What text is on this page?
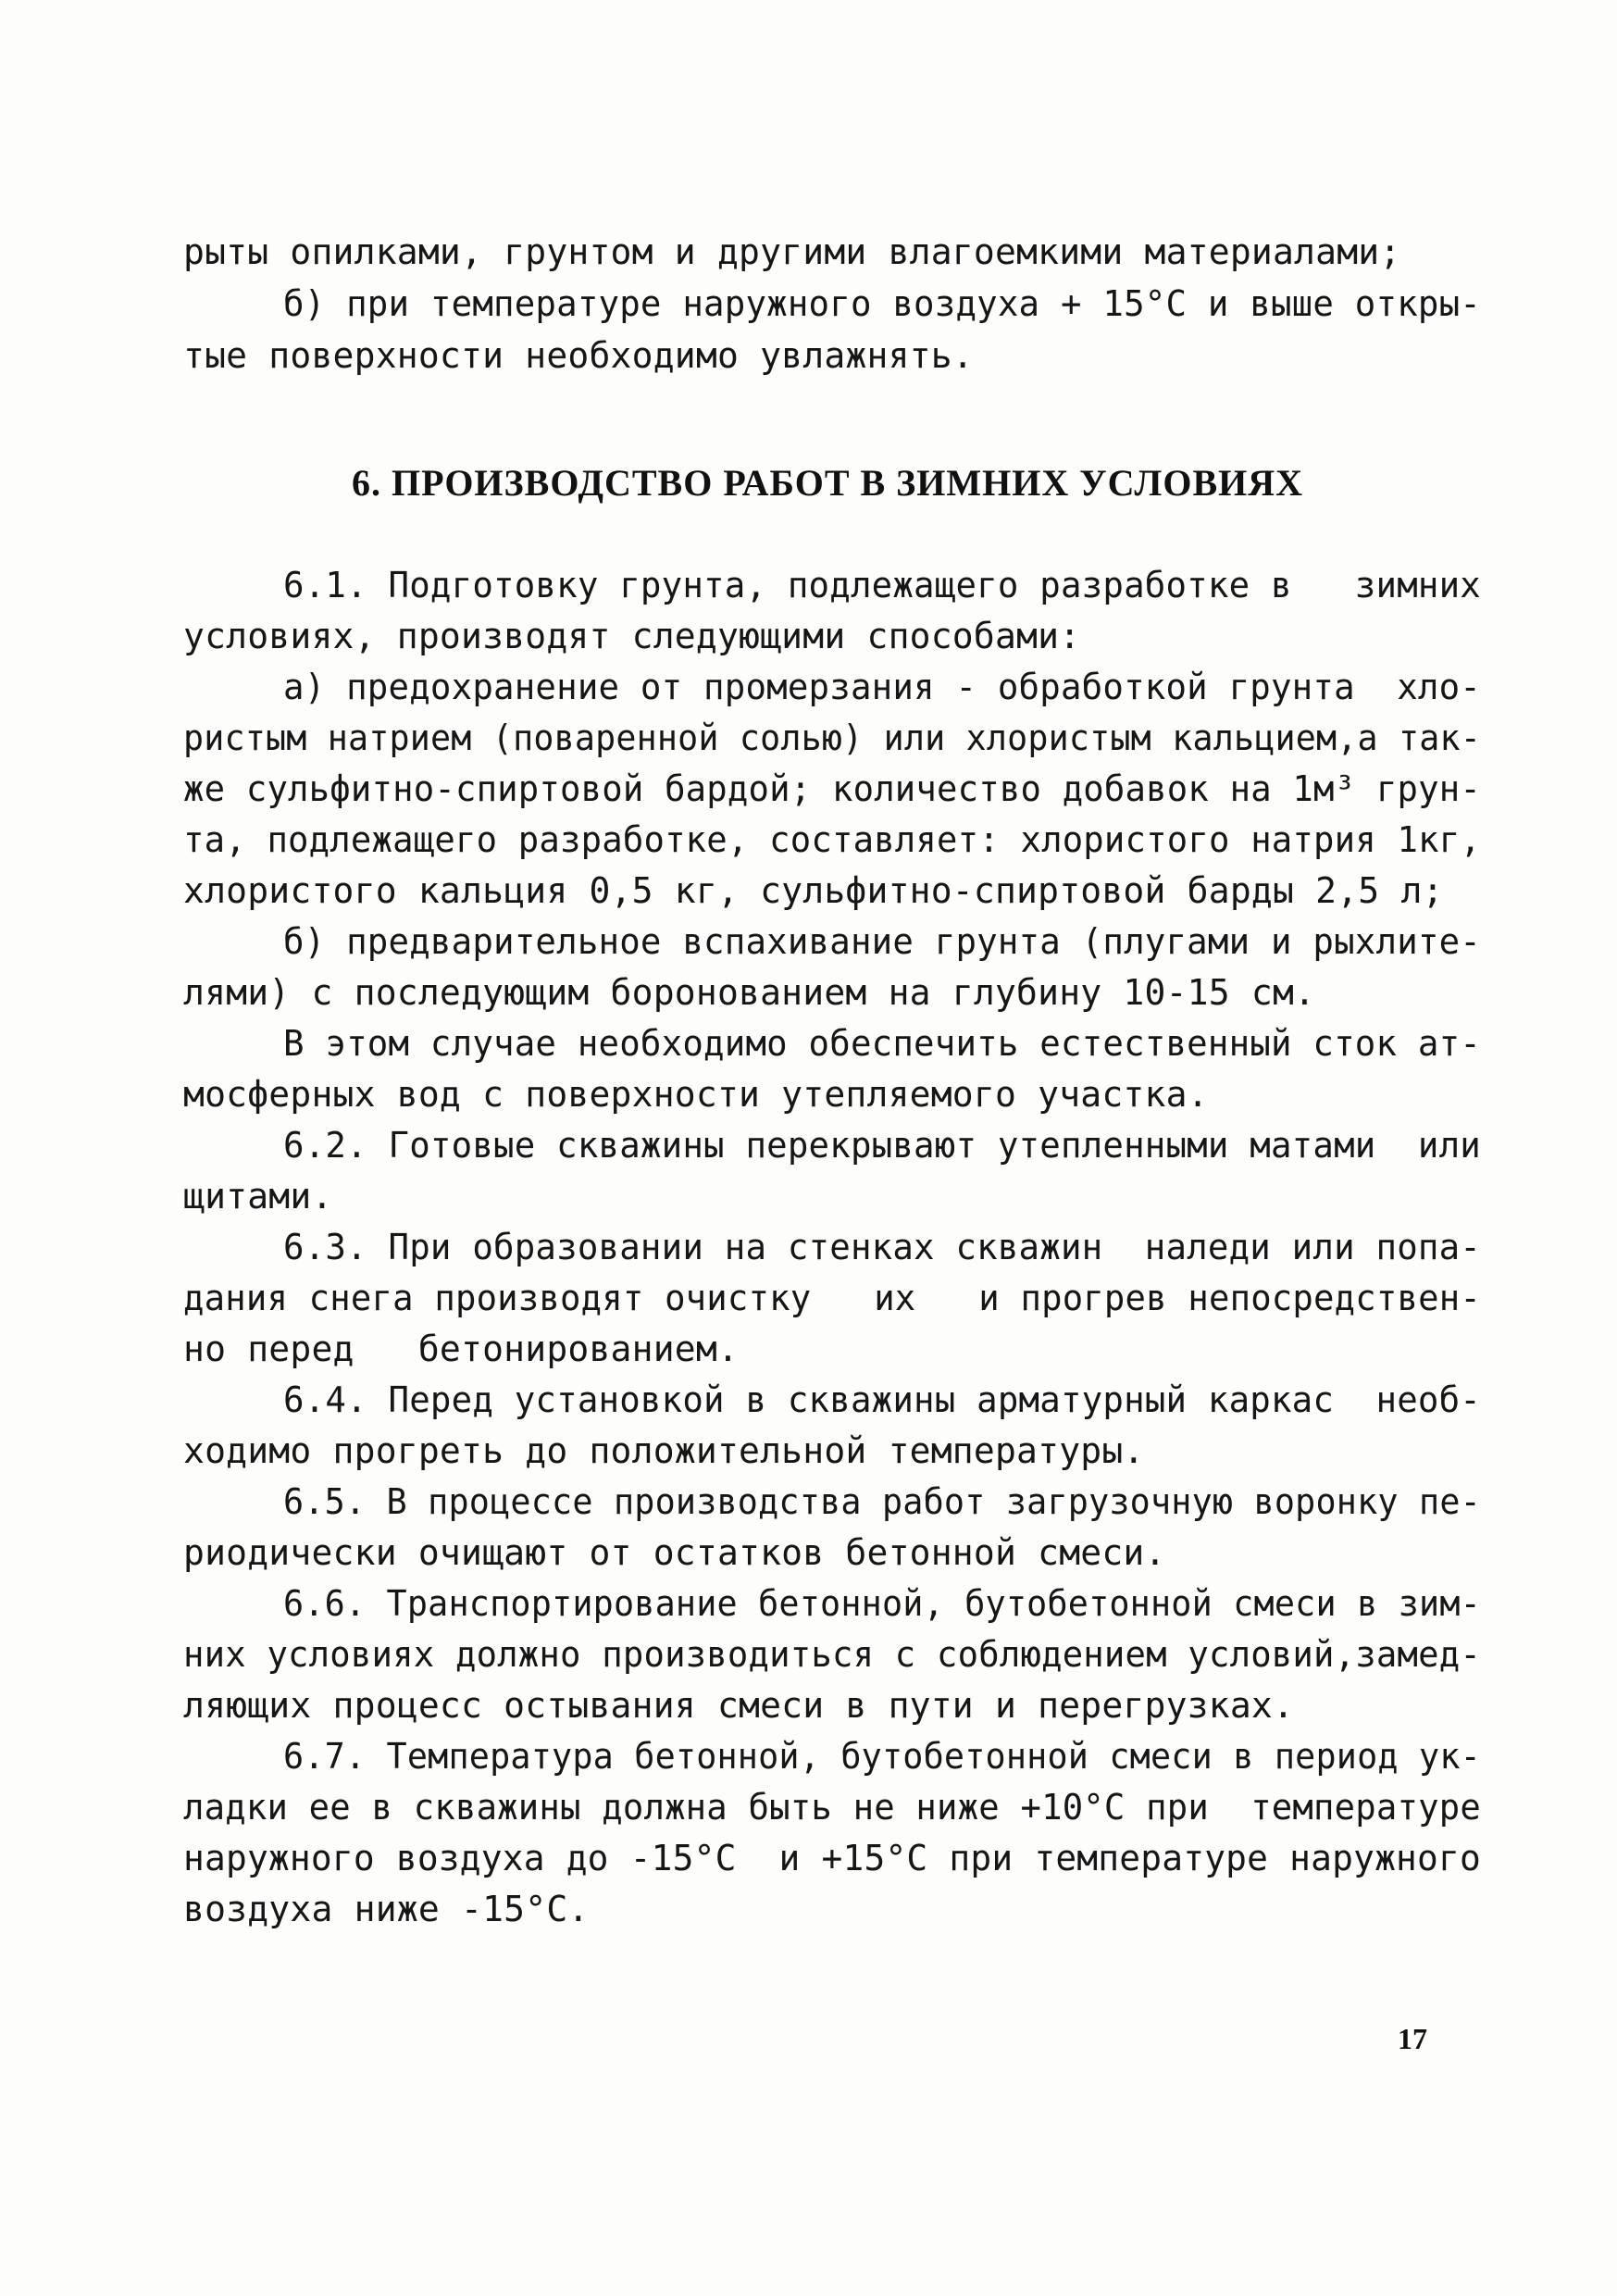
рыты опилками, грунтом и другими влагоемкими материалами;
б) при температуре наружного воздуха + 15°С и выше откры-
тые поверхности необходимо увлажнять.
6. ПРОИЗВОДСТВО РАБОТ В ЗИМНИХ УСЛОВИЯХ
6.1. Подготовку грунта, подлежащего разработке в   зимних
условиях, производят следующими способами:
а) предохранение от промерзания - обработкой грунта  хло-
ристым натрием (поваренной солью) или хлористым кальцием,а так-
же сульфитно-спиртовой бардой; количество добавок на 1м³ грун-
та, подлежащего разработке, составляет: хлористого натрия 1кг,
хлористого кальция 0,5 кг, сульфитно-спиртовой барды 2,5 л;
б) предварительное вспахивание грунта (плугами и рыхлите-
лями) с последующим боронованием на глубину 10-15 см.
В этом случае необходимо обеспечить естественный сток ат-
мосферных вод с поверхности утепляемого участка.
6.2. Готовые скважины перекрывают утепленными матами  или
щитами.
6.3. При образовании на стенках скважин  наледи или попа-
дания снега производят очистку   их   и прогрев непосредствен-
но перед   бетонированием.
6.4. Перед установкой в скважины арматурный каркас  необ-
ходимо прогреть до положительной температуры.
6.5. В процессе производства работ загрузочную воронку пе-
риодически очищают от остатков бетонной смеси.
6.6. Транспортирование бетонной, бутобетонной смеси в зим-
них условиях должно производиться с соблюдением условий,замед-
ляющих процесс остывания смеси в пути и перегрузках.
6.7. Температура бетонной, бутобетонной смеси в период ук-
ладки ее в скважины должна быть не ниже +10°С при  температуре
наружного воздуха до -15°С  и +15°С при температуре наружного
воздуха ниже -15°С.
17
